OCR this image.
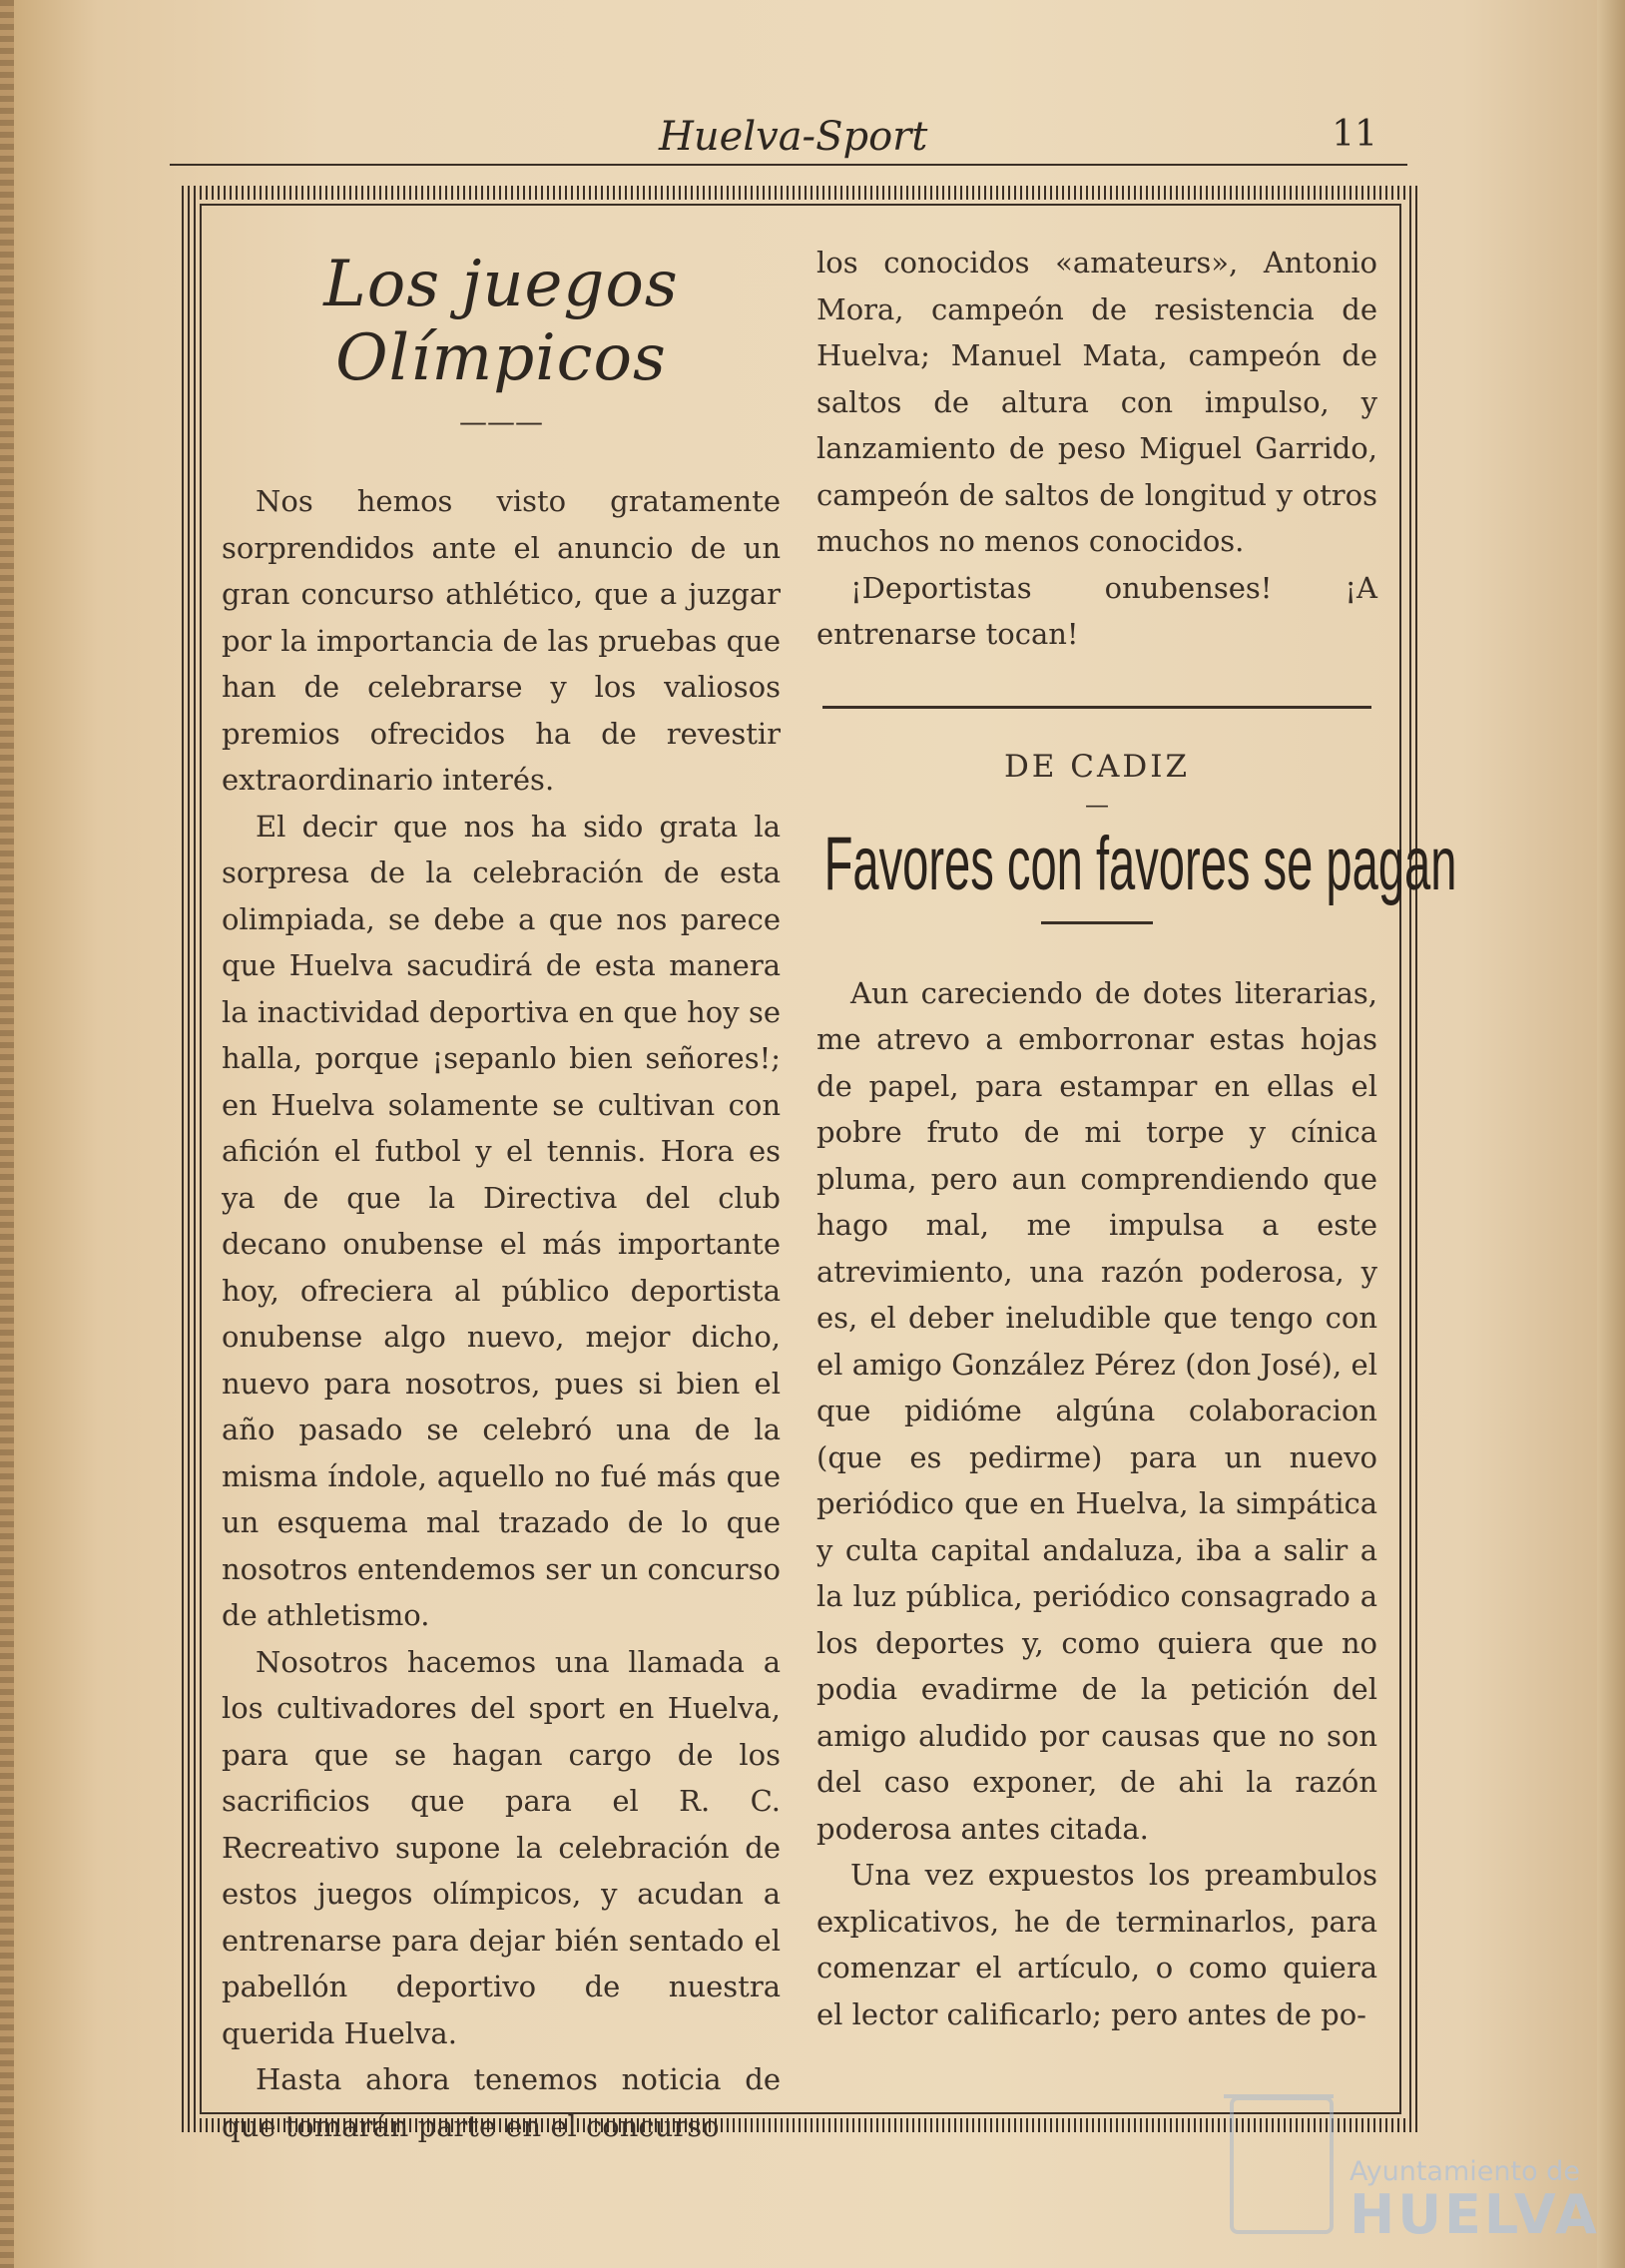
Huelva-Sport	11
Los juegos Olímpicos
———

Nos hemos visto gratamente sorprendidos ante el anuncio de un gran concurso athlético, que a juzgar por la importancia de las pruebas que han de celebrarse y los valiosos premios ofrecidos ha de revestir extraordinario interés.

El decir que nos ha sido grata la sorpresa de la celebración de esta olimpiada, se debe a que nos parece que Huelva sacudirá de esta manera la inactividad deportiva en que hoy se halla, porque ¡sepanlo bien señores!; en Huelva solamente se cultivan con afición el futbol y el tennis. Hora es ya de que la Directiva del club decano onubense el más importante hoy, ofreciera al público deportista onubense algo nuevo, mejor dicho, nuevo para nosotros, pues si bien el año pasado se celebró una de la misma índole, aquello no fué más que un esquema mal trazado de lo que nosotros entendemos ser un concurso de athletismo.

Nosotros hacemos una llamada a los cultivadores del sport en Huelva, para que se hagan cargo de los sacrificios que para el R. C. Recreativo supone la celebración de estos juegos olímpicos, y acudan a entrenarse para dejar bién sentado el pabellón deportivo de nuestra querida Huelva.

Hasta ahora tenemos noticia de que tomarán parte en el concurso

los conocidos «amateurs», Antonio Mora, campeón de resistencia de Huelva; Manuel Mata, campeón de saltos de altura con impulso, y lanzamiento de peso Miguel Garrido, campeón de saltos de longitud y otros muchos no menos conocidos.

¡Deportistas onubenses! ¡A entrenarse tocan!

DE CADIZ
—
Favores con favores se pagan

Aun careciendo de dotes literarias, me atrevo a emborronar estas hojas de papel, para estampar en ellas el pobre fruto de mi torpe y cínica pluma, pero aun comprendiendo que hago mal, me impulsa a este atrevimiento, una razón poderosa, y es, el deber ineludible que tengo con el amigo González Pérez (don José), el que pidióme algúna colaboracion (que es pedirme) para un nuevo periódico que en Huelva, la simpática y culta capital andaluza, iba a salir a la luz pública, periódico consagrado a los deportes y, como quiera que no podia evadirme de la petición del amigo aludido por causas que no son del caso exponer, de ahi la razón poderosa antes citada.

Una vez expuestos los preambulos explicativos, he de terminarlos, para comenzar el artículo, o como quiera el lector calificarlo; pero antes de po-

Ayuntamiento de
HUELVA
